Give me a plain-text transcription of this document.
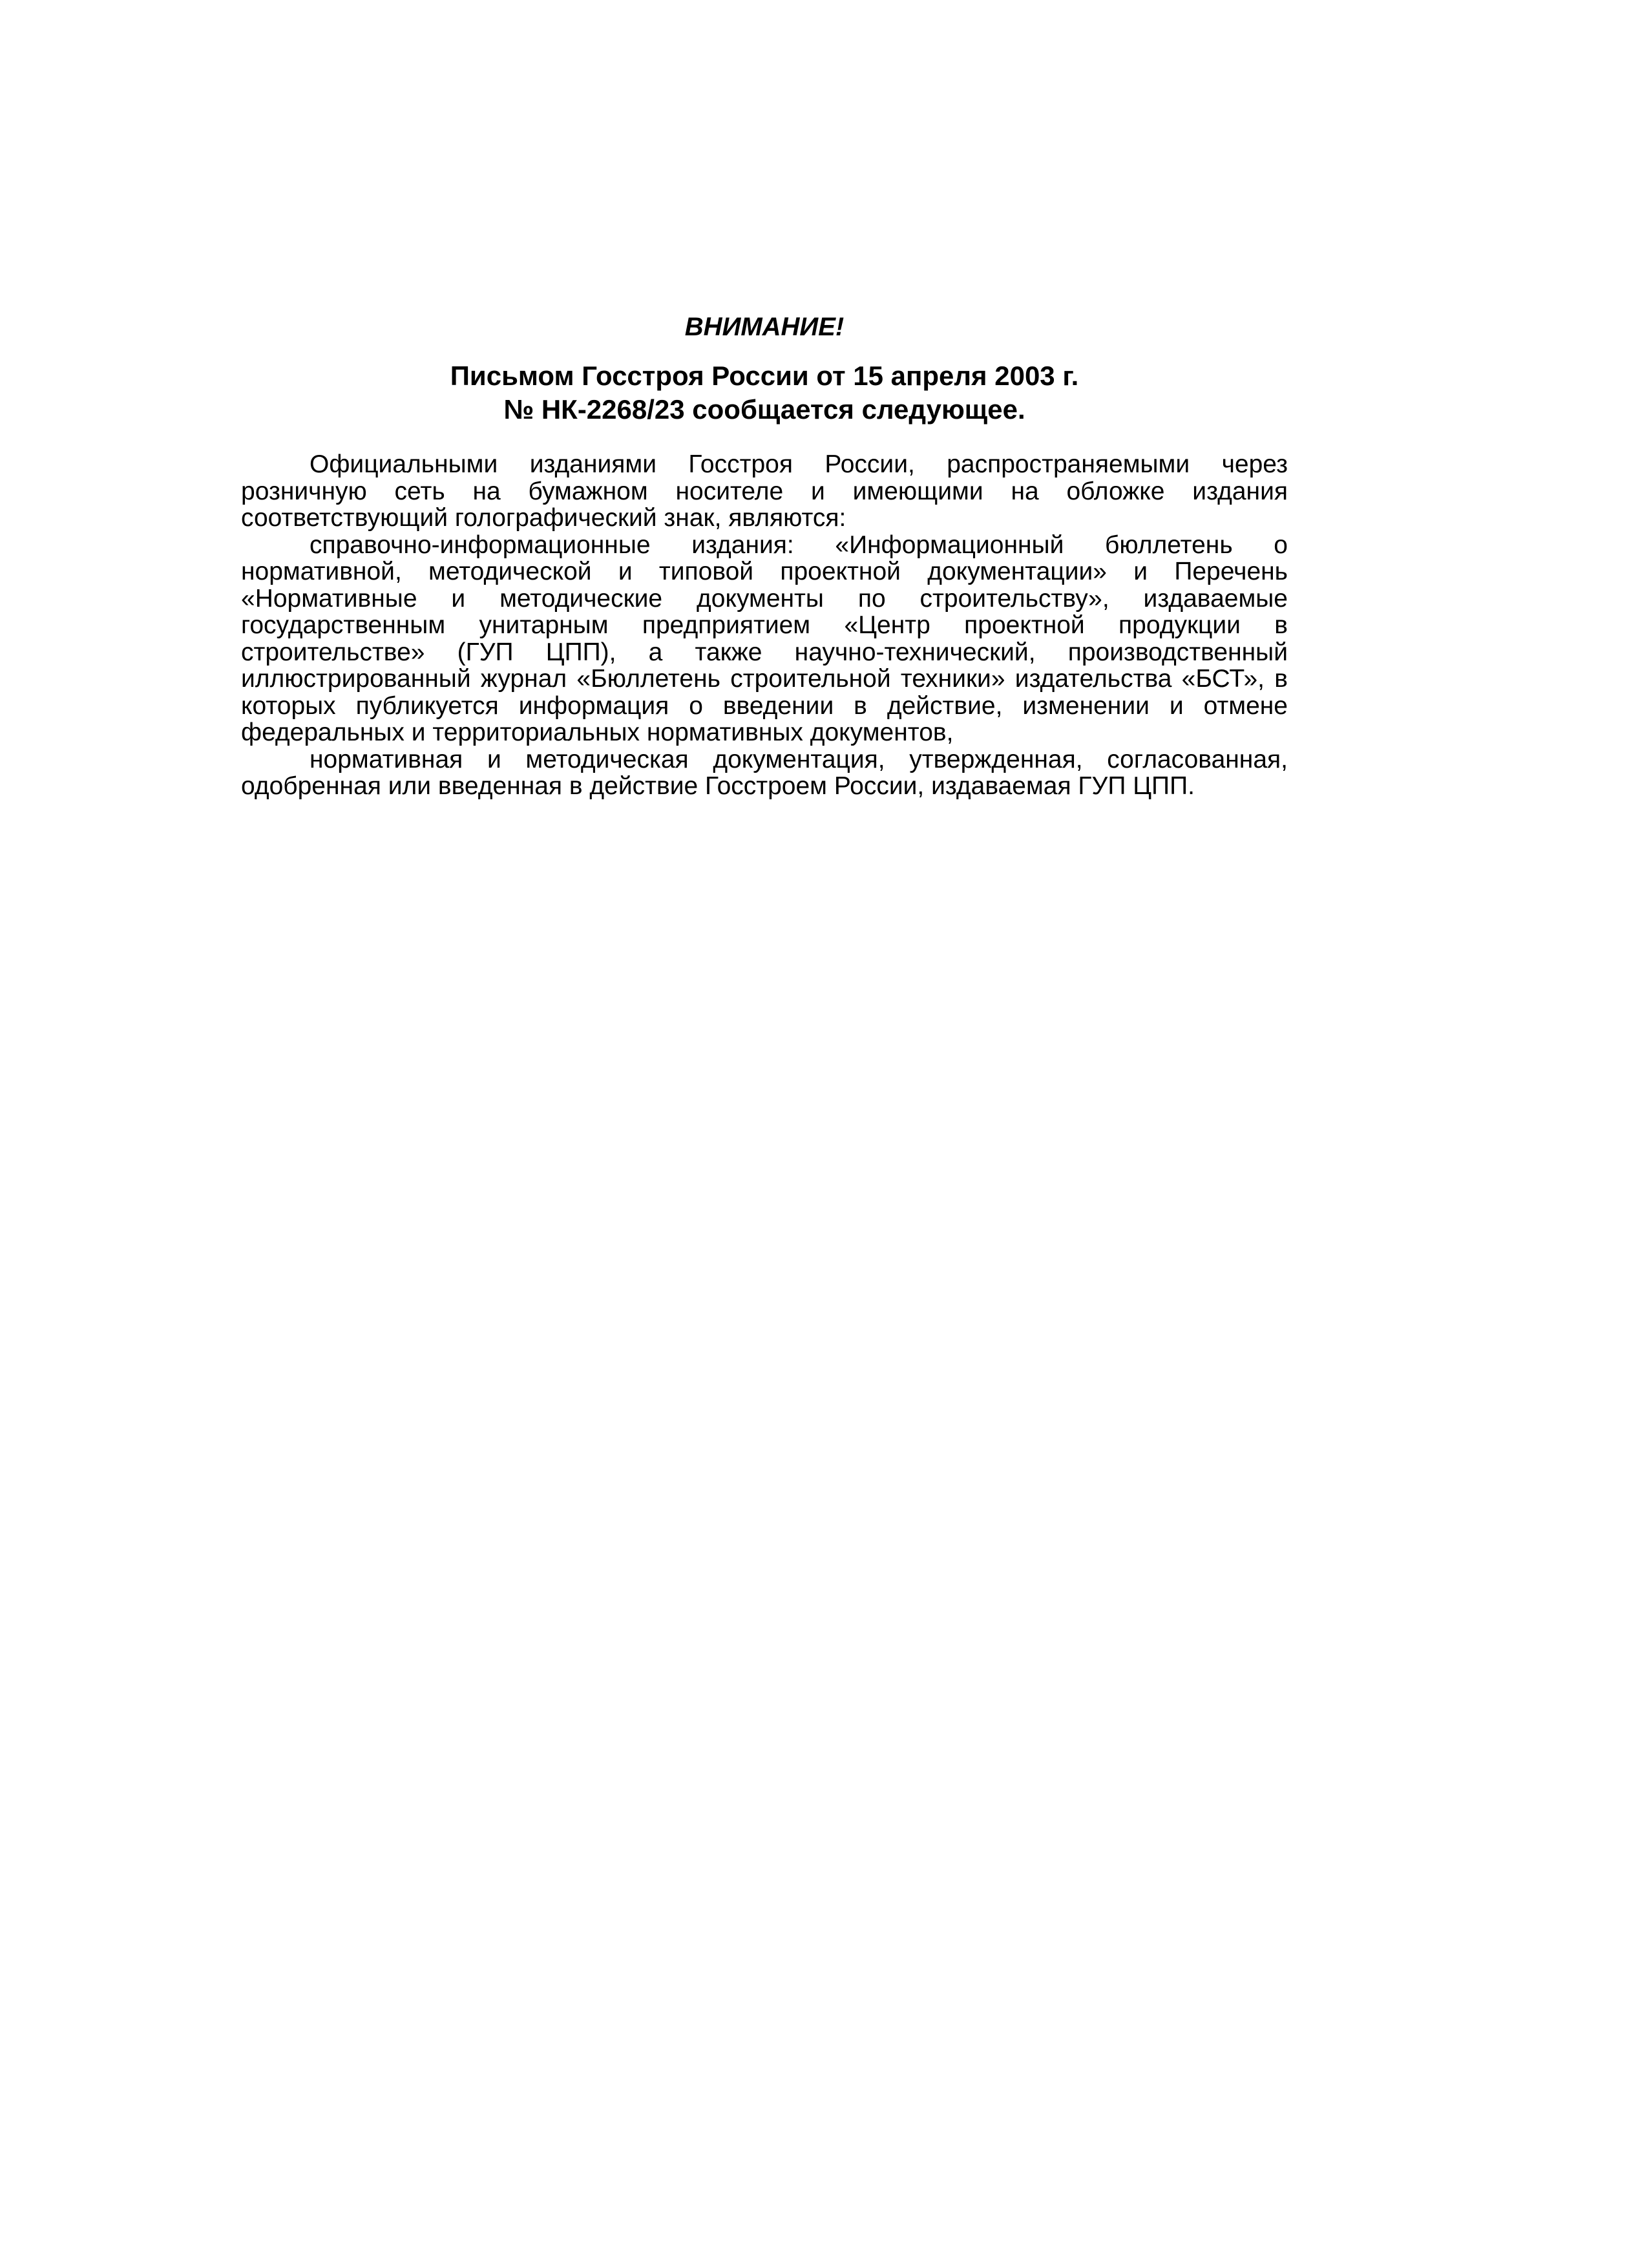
ВНИМАНИЕ!
Письмом Госстроя России от 15 апреля 2003 г.
№ НК-2268/23 сообщается следующее.

Официальными изданиями Госстроя России, распространяемыми через розничную сеть на бумажном носителе и имеющими на обложке издания соответствующий голографический знак, являются:

справочно-информационные издания: «Информационный бюллетень о нормативной, методической и типовой проектной документации» и Перечень «Нормативные и методические документы по строительству», издаваемые государственным унитарным предприятием «Центр проектной продукции в строительстве» (ГУП ЦПП), а также научно-технический, производственный иллюстрированный журнал «Бюллетень строительной техники» издательства «БСТ», в которых публикуется информация о введении в действие, изменении и отмене федеральных и территориальных нормативных документов,

нормативная и методическая документация, утвержденная, согласованная, одобренная или введенная в действие Госстроем России, издаваемая ГУП ЦПП.
